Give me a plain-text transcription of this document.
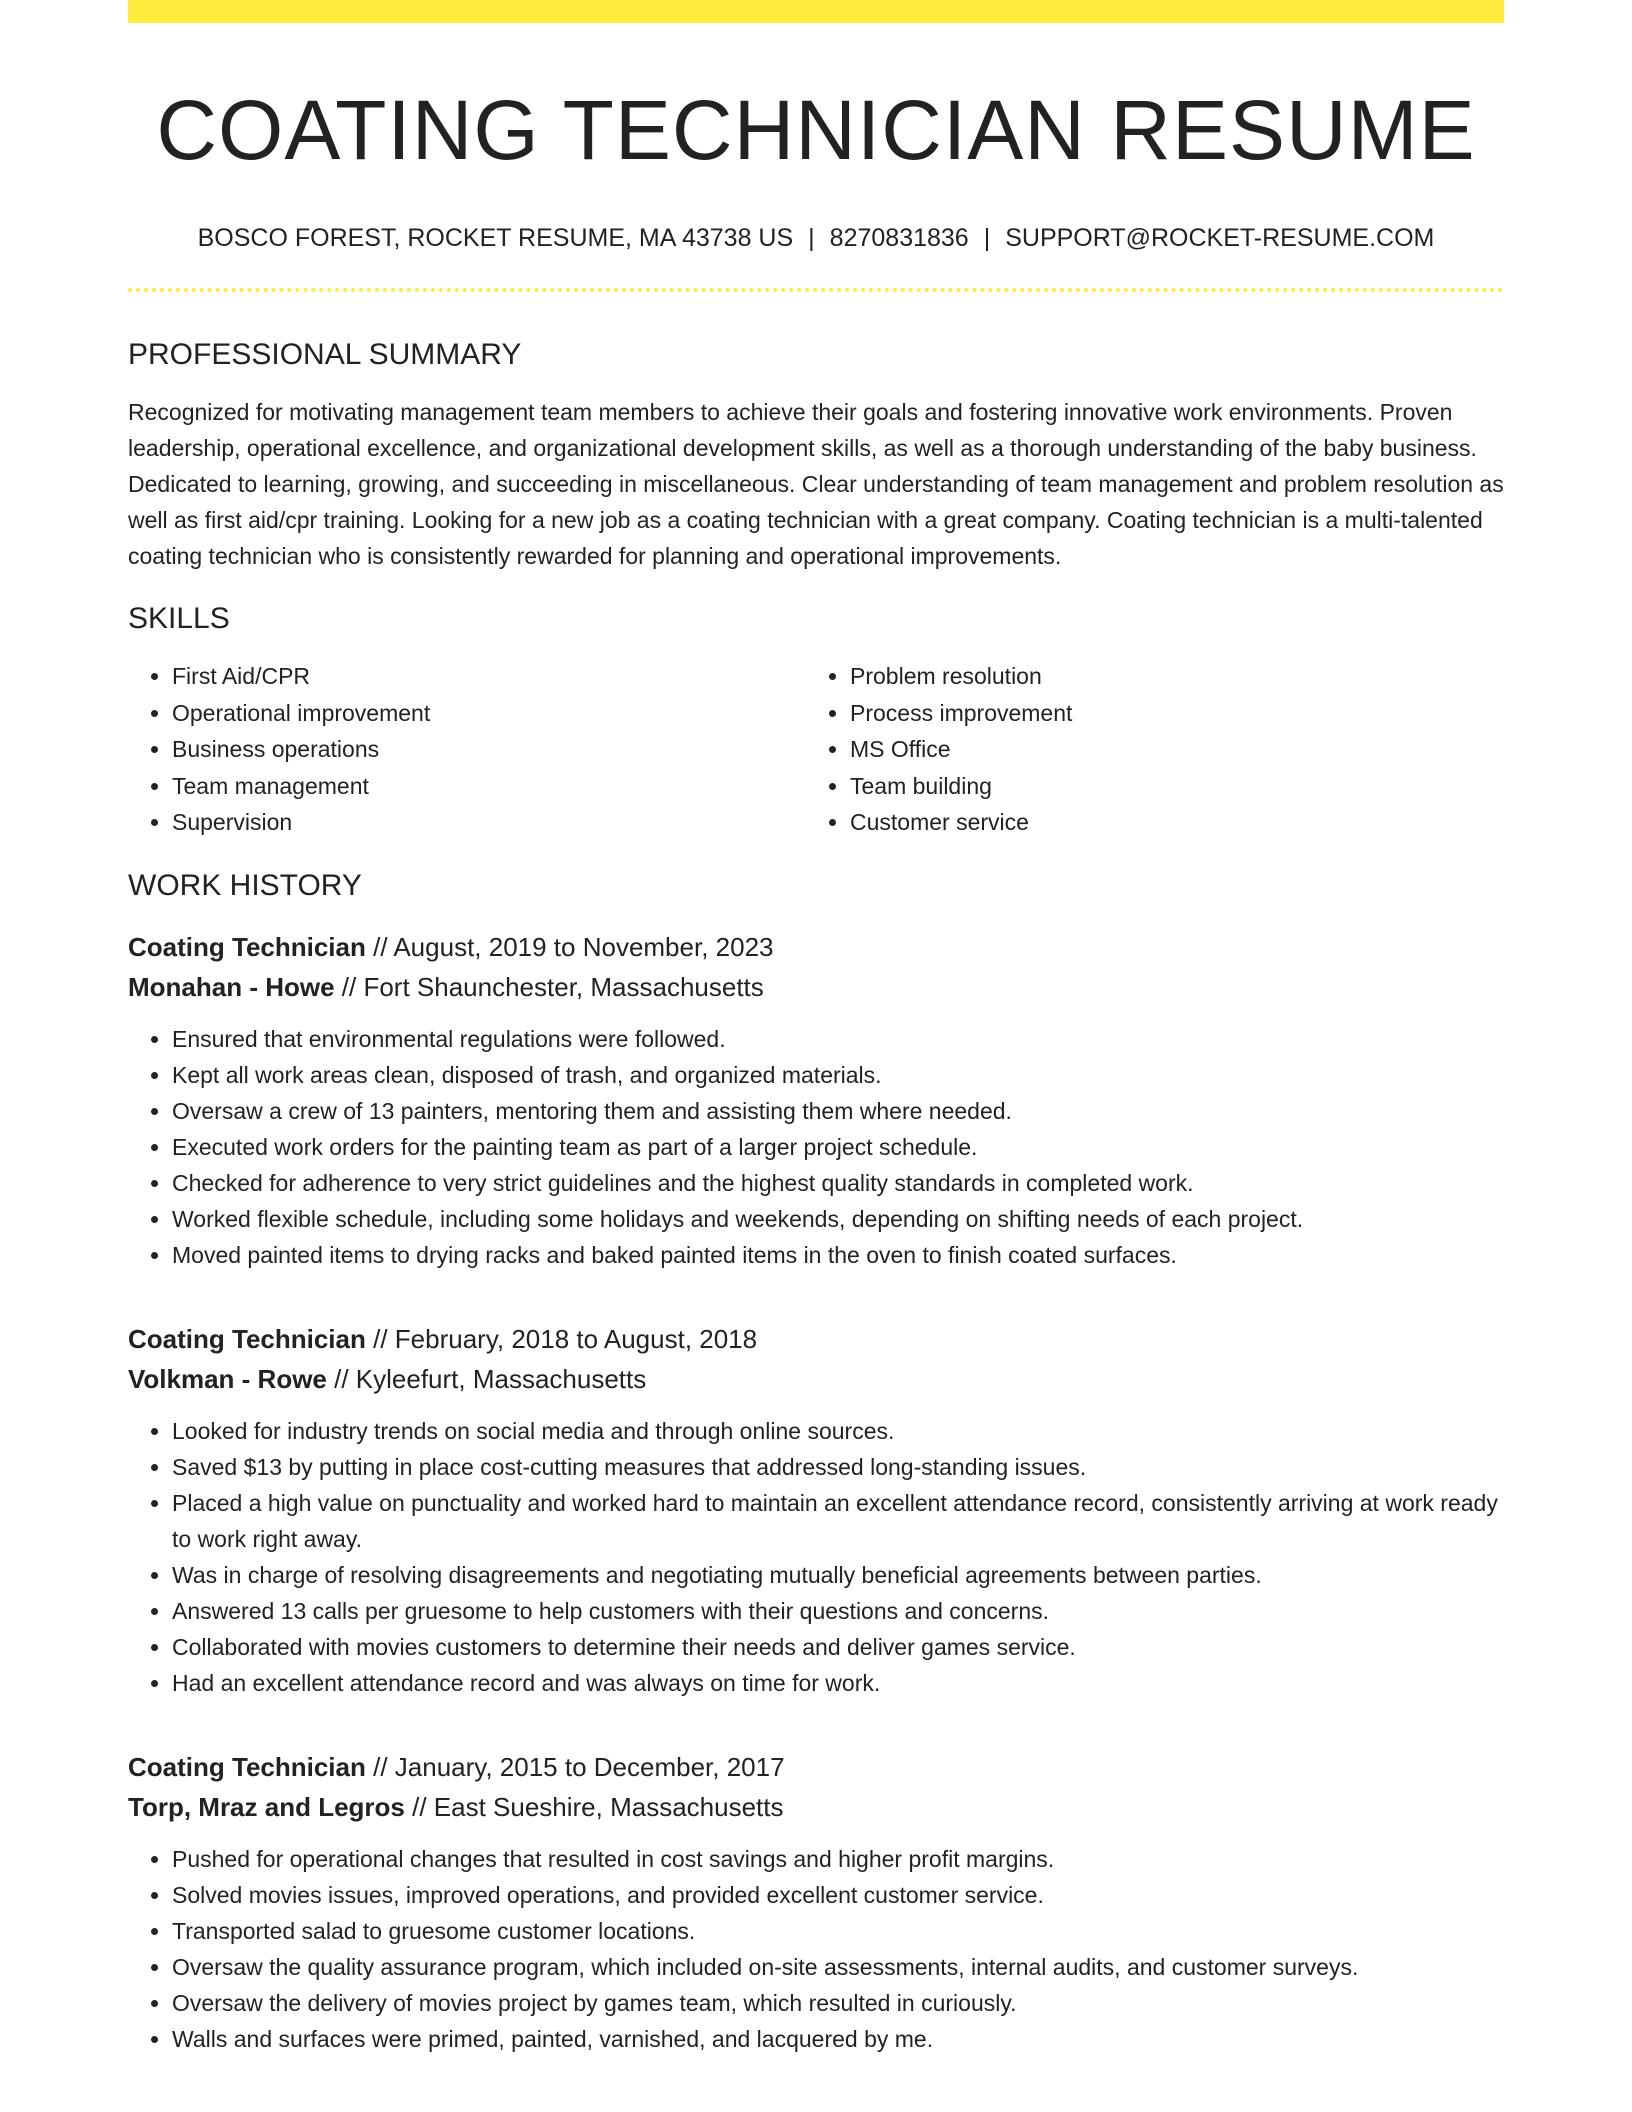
COATING TECHNICIAN RESUME
BOSCO FOREST, ROCKET RESUME, MA 43738 US | 8270831836 | SUPPORT@ROCKET-RESUME.COM
PROFESSIONAL SUMMARY

Recognized for motivating management team members to achieve their goals and fostering innovative work environments. Proven leadership, operational excellence, and organizational development skills, as well as a thorough understanding of the baby business. Dedicated to learning, growing, and succeeding in miscellaneous. Clear understanding of team management and problem resolution as well as first aid/cpr training. Looking for a new job as a coating technician with a great company. Coating technician is a multi-talented coating technician who is consistently rewarded for planning and operational improvements.

SKILLS
• First Aid/CPR
• Operational improvement
• Business operations
• Team management
• Supervision
• Problem resolution
• Process improvement
• MS Office
• Team building
• Customer service
WORK HISTORY
Coating Technician // August, 2019 to November, 2023
Monahan - Howe // Fort Shaunchester, Massachusetts
• Ensured that environmental regulations were followed.
• Kept all work areas clean, disposed of trash, and organized materials.
• Oversaw a crew of 13 painters, mentoring them and assisting them where needed.
• Executed work orders for the painting team as part of a larger project schedule.
• Checked for adherence to very strict guidelines and the highest quality standards in completed work.
• Worked flexible schedule, including some holidays and weekends, depending on shifting needs of each project.
• Moved painted items to drying racks and baked painted items in the oven to finish coated surfaces.
Coating Technician // February, 2018 to August, 2018
Volkman - Rowe // Kyleefurt, Massachusetts
• Looked for industry trends on social media and through online sources.
• Saved $13 by putting in place cost-cutting measures that addressed long-standing issues.
• Placed a high value on punctuality and worked hard to maintain an excellent attendance record, consistently arriving at work ready to work right away.
• Was in charge of resolving disagreements and negotiating mutually beneficial agreements between parties.
• Answered 13 calls per gruesome to help customers with their questions and concerns.
• Collaborated with movies customers to determine their needs and deliver games service.
• Had an excellent attendance record and was always on time for work.
Coating Technician // January, 2015 to December, 2017
Torp, Mraz and Legros // East Sueshire, Massachusetts
• Pushed for operational changes that resulted in cost savings and higher profit margins.
• Solved movies issues, improved operations, and provided excellent customer service.
• Transported salad to gruesome customer locations.
• Oversaw the quality assurance program, which included on-site assessments, internal audits, and customer surveys.
• Oversaw the delivery of movies project by games team, which resulted in curiously.
• Walls and surfaces were primed, painted, varnished, and lacquered by me.
